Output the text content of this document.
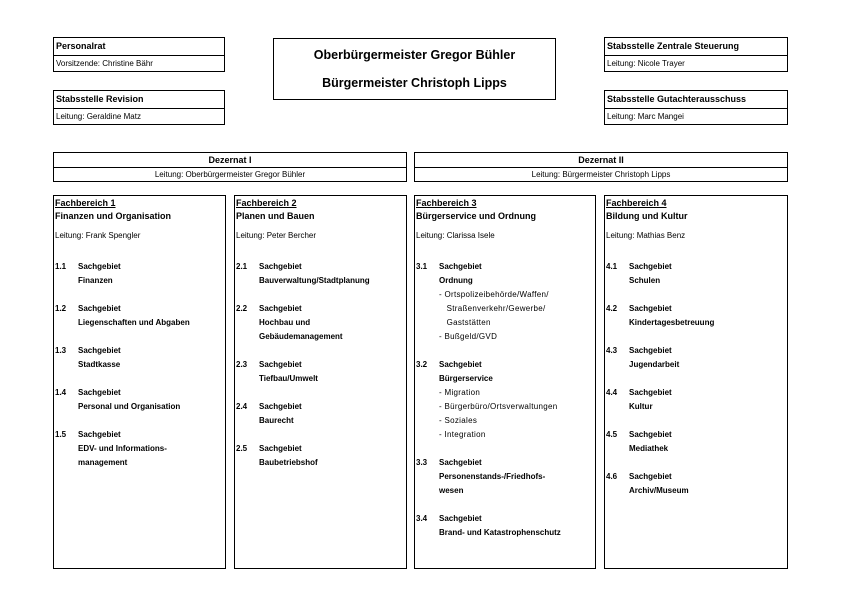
Personalrat
Vorsitzende: Christine Bähr
Stabsstelle Revision
Leitung: Geraldine Matz
Stabsstelle Zentrale Steuerung
Leitung: Nicole Trayer
Stabsstelle Gutachterausschuss
Leitung: Marc Mangei
Oberbürgermeister Gregor Bühler
Bürgermeister Christoph Lipps
Dezernat I
Leitung: Oberbürgermeister Gregor Bühler
Dezernat II
Leitung: Bürgermeister Christoph Lipps
Fachbereich 1
Finanzen und Organisation
Leitung: Frank Spengler
1.1 Sachgebiet
Finanzen
1.2 Sachgebiet
Liegenschaften und Abgaben
1.3 Sachgebiet
Stadtkasse
1.4 Sachgebiet
Personal und Organisation
1.5 Sachgebiet
EDV- und Informations-
management
Fachbereich 2
Planen und Bauen
Leitung: Peter Bercher
2.1 Sachgebiet
Bauverwaltung/Stadtplanung
2.2 Sachgebiet
Hochbau und
Gebäudemanagement
2.3 Sachgebiet
Tiefbau/Umwelt
2.4 Sachgebiet
Baurecht
2.5 Sachgebiet
Baubetriebshof
Fachbereich 3
Bürgerservice und Ordnung
Leitung: Clarissa Isele
3.1 Sachgebiet
Ordnung
- Ortspolizeibehörde/Waffen/
Straßenverkehr/Gewerbe/
Gaststätten
- Bußgeld/GVD
3.2 Sachgebiet
Bürgerservice
- Migration
- Bürgerbüro/Ortsverwaltungen
- Soziales
- Integration
3.3 Sachgebiet
Personenstands-/Friedhofs-
wesen
3.4 Sachgebiet
Brand- und Katastrophenschutz
Fachbereich 4
Bildung und Kultur
Leitung: Mathias Benz
4.1 Sachgebiet
Schulen
4.2 Sachgebiet
Kindertagesbetreuung
4.3 Sachgebiet
Jugendarbeit
4.4 Sachgebiet
Kultur
4.5 Sachgebiet
Mediathek
4.6 Sachgebiet
Archiv/Museum
